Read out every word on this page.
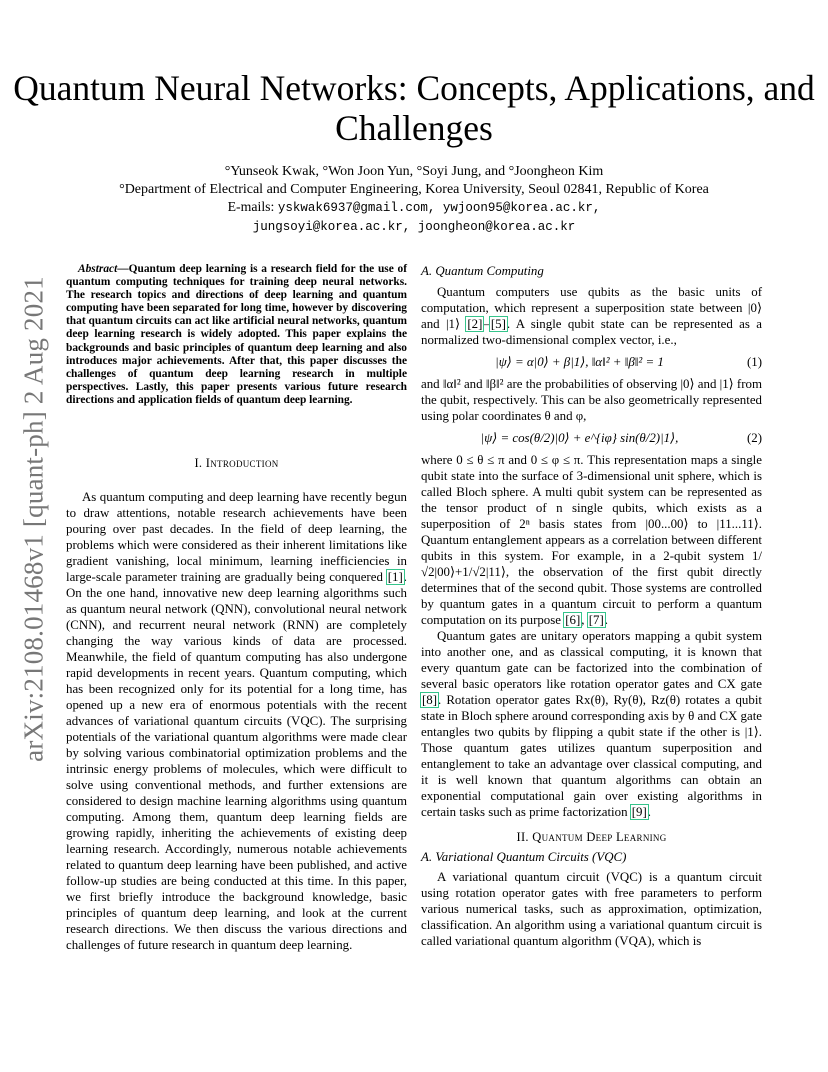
arXiv:2108.01468v1 [quant-ph] 2 Aug 2021
Quantum Neural Networks: Concepts, Applications, and Challenges
°Yunseok Kwak, °Won Joon Yun, °Soyi Jung, and °Joongheon Kim
°Department of Electrical and Computer Engineering, Korea University, Seoul 02841, Republic of Korea
E-mails: yskwak6937@gmail.com, ywjoon95@korea.ac.kr,
jungsoyi@korea.ac.kr, joongheon@korea.ac.kr

Abstract—Quantum deep learning is a research field for the use of quantum computing techniques for training deep neural networks. The research topics and directions of deep learning and quantum computing have been separated for long time, however by discovering that quantum circuits can act like artificial neural networks, quantum deep learning research is widely adopted. This paper explains the backgrounds and basic principles of quantum deep learning and also introduces major achievements. After that, this paper discusses the challenges of quantum deep learning research in multiple perspectives. Lastly, this paper presents various future research directions and application fields of quantum deep learning.

I. Introduction

As quantum computing and deep learning have recently begun to draw attentions, notable research achievements have been pouring over past decades. In the field of deep learning, the problems which were considered as their inherent limitations like gradient vanishing, local minimum, learning inefficiencies in large-scale parameter training are gradually being conquered [1]. On the one hand, innovative new deep learning algorithms such as quantum neural network (QNN), convolutional neural network (CNN), and recurrent neural network (RNN) are completely changing the way various kinds of data are processed. Meanwhile, the field of quantum computing has also undergone rapid developments in recent years. Quantum computing, which has been recognized only for its potential for a long time, has opened up a new era of enormous potentials with the recent advances of variational quantum circuits (VQC). The surprising potentials of the variational quantum algorithms were made clear by solving various combinatorial optimization problems and the intrinsic energy problems of molecules, which were difficult to solve using conventional methods, and further extensions are considered to design machine learning algorithms using quantum computing. Among them, quantum deep learning fields are growing rapidly, inheriting the achievements of existing deep learning research. Accordingly, numerous notable achievements related to quantum deep learning have been published, and active follow-up studies are being conducted at this time. In this paper, we first briefly introduce the background knowledge, basic principles of quantum deep learning, and look at the current research directions. We then discuss the various directions and challenges of future research in quantum deep learning.

A. Quantum Computing

Quantum computers use qubits as the basic units of computation, which represent a superposition state between |0⟩ and |1⟩ [2]–[5]. A single qubit state can be represented as a normalized two-dimensional complex vector, i.e.,

|ψ⟩ = α|0⟩ + β|1⟩, ‖α‖² + ‖β‖² = 1	(1)

and ‖α‖² and ‖β‖² are the probabilities of observing |0⟩ and |1⟩ from the qubit, respectively. This can be also geometrically represented using polar coordinates θ and φ,

|ψ⟩ = cos(θ/2)|0⟩ + e^{iφ} sin(θ/2)|1⟩,	(2)

where 0 ≤ θ ≤ π and 0 ≤ φ ≤ π. This representation maps a single qubit state into the surface of 3-dimensional unit sphere, which is called Bloch sphere. A multi qubit system can be represented as the tensor product of n single qubits, which exists as a superposition of 2ⁿ basis states from |00...00⟩ to |11...11⟩. Quantum entanglement appears as a correlation between different qubits in this system. For example, in a 2-qubit system 1/√2|00⟩+1/√2|11⟩, the observation of the first qubit directly determines that of the second qubit. Those systems are controlled by quantum gates in a quantum circuit to perform a quantum computation on its purpose [6], [7].

Quantum gates are unitary operators mapping a qubit system into another one, and as classical computing, it is known that every quantum gate can be factorized into the combination of several basic operators like rotation operator gates and CX gate [8]. Rotation operator gates Rx(θ), Ry(θ), Rz(θ) rotates a qubit state in Bloch sphere around corresponding axis by θ and CX gate entangles two qubits by flipping a qubit state if the other is |1⟩. Those quantum gates utilizes quantum superposition and entanglement to take an advantage over classical computing, and it is well known that quantum algorithms can obtain an exponential computational gain over existing algorithms in certain tasks such as prime factorization [9].

II. Quantum Deep Learning
A. Variational Quantum Circuits (VQC)

A variational quantum circuit (VQC) is a quantum circuit using rotation operator gates with free parameters to perform various numerical tasks, such as approximation, optimization, classification. An algorithm using a variational quantum circuit is called variational quantum algorithm (VQA), which is
